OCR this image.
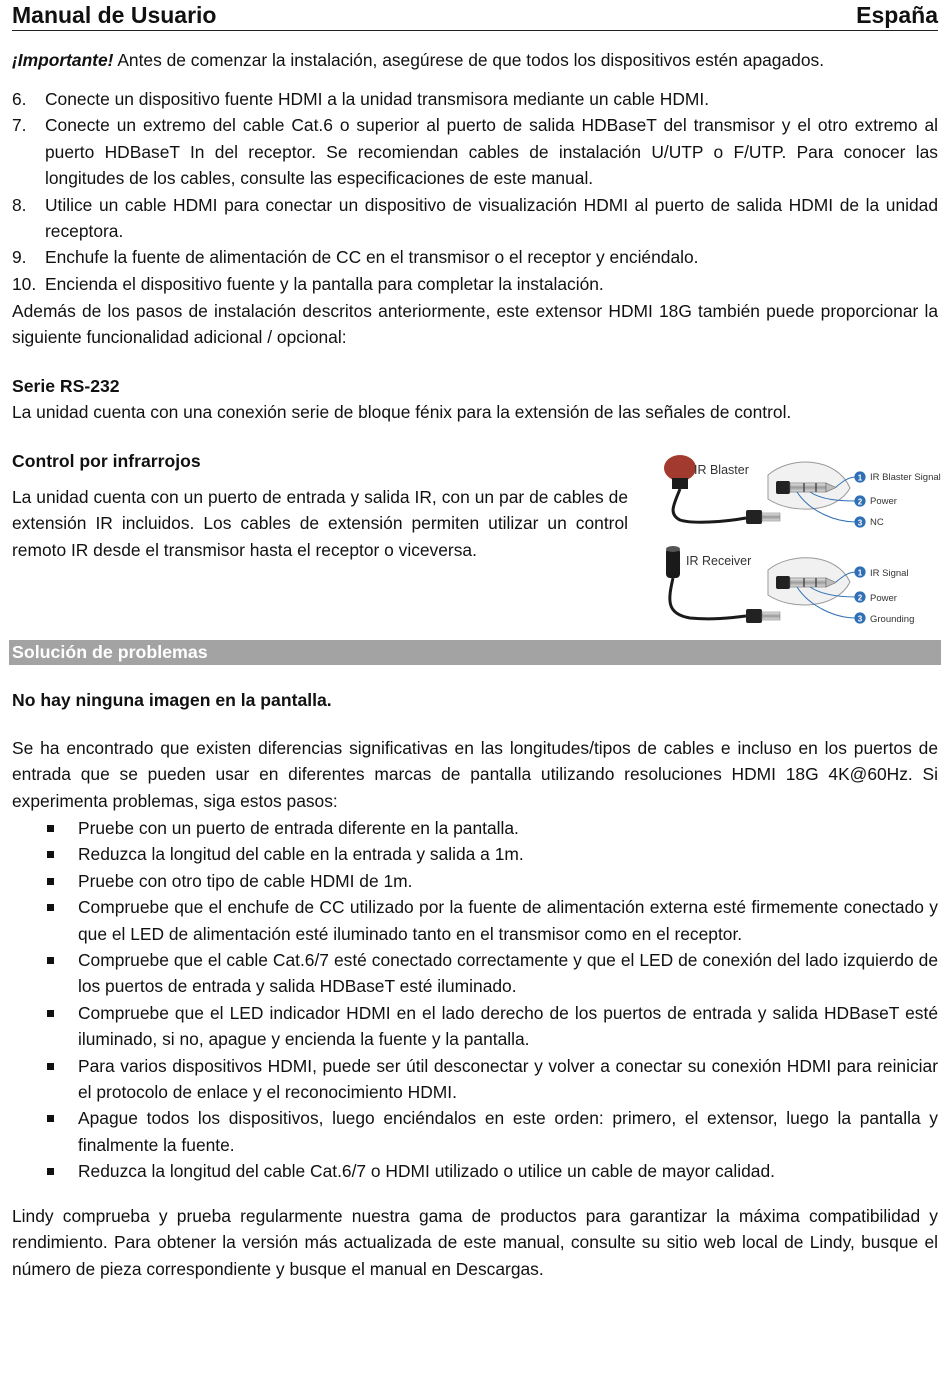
Manual de Usuario	España
¡Importante! Antes de comenzar la instalación, asegúrese de que todos los dispositivos estén apagados.
6. Conecte un dispositivo fuente HDMI a la unidad transmisora mediante un cable HDMI.
7. Conecte un extremo del cable Cat.6 o superior al puerto de salida HDBaseT del transmisor y el otro extremo al puerto HDBaseT In del receptor. Se recomiendan cables de instalación U/UTP o F/UTP. Para conocer las longitudes de los cables, consulte las especificaciones de este manual.
8. Utilice un cable HDMI para conectar un dispositivo de visualización HDMI al puerto de salida HDMI de la unidad receptora.
9. Enchufe la fuente de alimentación de CC en el transmisor o el receptor y enciéndalo.
10. Encienda el dispositivo fuente y la pantalla para completar la instalación.
Además de los pasos de instalación descritos anteriormente, este extensor HDMI 18G también puede proporcionar la siguiente funcionalidad adicional / opcional:
Serie RS-232
La unidad cuenta con una conexión serie de bloque fénix para la extensión de las señales de control.
Control por infrarrojos
La unidad cuenta con un puerto de entrada y salida IR, con un par de cables de extensión IR incluidos. Los cables de extensión permiten utilizar un control remoto IR desde el transmisor hasta el receptor o viceversa.
IR Blaster
1 IR Blaster Signal
2 Power
3 NC
IR Receiver
1 IR Signal
2 Power
3 Grounding
Solución de problemas
No hay ninguna imagen en la pantalla.
Se ha encontrado que existen diferencias significativas en las longitudes/tipos de cables e incluso en los puertos de entrada que se pueden usar en diferentes marcas de pantalla utilizando resoluciones HDMI 18G 4K@60Hz. Si experimenta problemas, siga estos pasos:
Pruebe con un puerto de entrada diferente en la pantalla.
Reduzca la longitud del cable en la entrada y salida a 1m.
Pruebe con otro tipo de cable HDMI de 1m.
Compruebe que el enchufe de CC utilizado por la fuente de alimentación externa esté firmemente conectado y que el LED de alimentación esté iluminado tanto en el transmisor como en el receptor.
Compruebe que el cable Cat.6/7 esté conectado correctamente y que el LED de conexión del lado izquierdo de los puertos de entrada y salida HDBaseT esté iluminado.
Compruebe que el LED indicador HDMI en el lado derecho de los puertos de entrada y salida HDBaseT esté iluminado, si no, apague y encienda la fuente y la pantalla.
Para varios dispositivos HDMI, puede ser útil desconectar y volver a conectar su conexión HDMI para reiniciar el protocolo de enlace y el reconocimiento HDMI.
Apague todos los dispositivos, luego enciéndalos en este orden: primero, el extensor, luego la pantalla y finalmente la fuente.
Reduzca la longitud del cable Cat.6/7 o HDMI utilizado o utilice un cable de mayor calidad.
Lindy comprueba y prueba regularmente nuestra gama de productos para garantizar la máxima compatibilidad y rendimiento. Para obtener la versión más actualizada de este manual, consulte su sitio web local de Lindy, busque el número de pieza correspondiente y busque el manual en Descargas.
